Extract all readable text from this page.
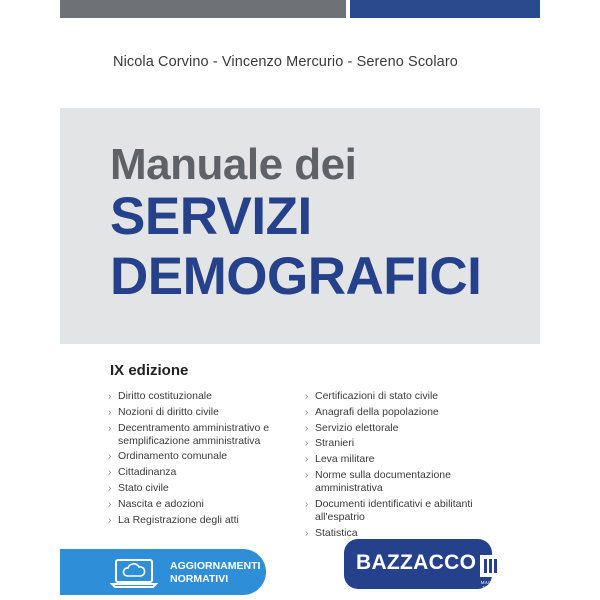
Nicola Corvino - Vincenzo Mercurio - Sereno Scolaro
Manuale dei
SERVIZI
DEMOGRAFICI
IX edizione
› Diritto costituzionale
› Nozioni di diritto civile
› Decentramento amministrativo e semplificazione amministrativa
› Ordinamento comunale
› Cittadinanza
› Stato civile
› Nascita e adozioni
› La Registrazione degli atti
› Certificazioni di stato civile
› Anagrafi della popolazione
› Servizio elettorale
› Stranieri
› Leva militare
› Norme sulla documentazione amministrativa
› Documenti identificativi e abilitanti all'espatrio
› Statistica
AGGIORNAMENTI
NORMATIVI
BAZZACCO
MAGGIOLI
EDITORE
